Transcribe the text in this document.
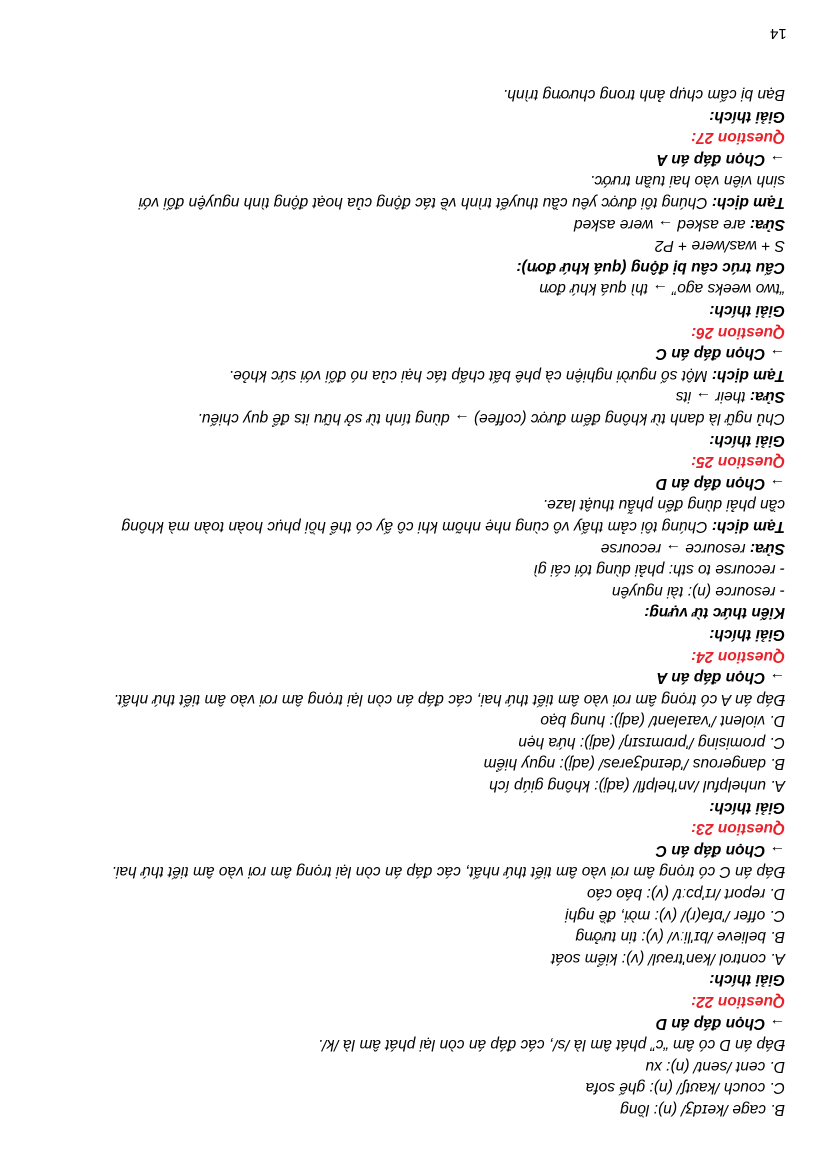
B. cage /keɪdʒ/ (n): lồng
C. couch /kaʊtʃ/ (n): ghế sofa
D. cent /sent/ (n): xu
Đáp án D có âm “c” phát âm là /s/, các đáp án còn lại phát âm là /k/.
→ Chọn đáp án D
Question 22:
Giải thích:
A. control /kən'trəʊl/ (v): kiểm soát
B. believe /bɪ'liːv/ (v): tin tưởng
C. offer /'ɒfə(r)/ (v): mời, đề nghị
D. report /rɪ'pɔːt/ (v): báo cáo
Đáp án C có trọng âm rơi vào âm tiết thứ nhất, các đáp án còn lại trọng âm rơi vào âm tiết thứ hai.
→ Chọn đáp án C
Question 23:
Giải thích:
A. unhelpful /ʌn'helpfl/ (adj): không giúp ích
B. dangerous /'deɪndʒərəs/ (adj): nguy hiểm
C. promising /'prɒmɪsɪŋ/ (adj): hứa hẹn
D. violent /'vaɪələnt/ (adj): hung bạo
Đáp án A có trọng âm rơi vào âm tiết thứ hai, các đáp án còn lại trọng âm rơi vào âm tiết thứ nhất.
→ Chọn đáp án A
Question 24:
Giải thích:
Kiến thức từ vựng:
- resource (n): tài nguyên
- recourse to sth: phải dùng tới cái gì
Sửa: resource → recourse
Tạm dịch: Chúng tôi cảm thấy vô cùng nhẹ nhõm khi cô ấy có thể hồi phục hoàn toàn mà không
cần phải dùng đến phẫu thuật laze.
→ Chọn đáp án D
Question 25:
Giải thích:
Chủ ngữ là danh từ không đếm được (coffee) → dùng tính từ sở hữu its để quy chiếu.
Sửa: their → its
Tạm dịch: Một số người nghiện cà phê bất chấp tác hại của nó đối với sức khỏe.
→ Chọn đáp án C
Question 26:
Giải thích:
“two weeks ago” → thì quá khứ đơn
Cấu trúc câu bị động (quá khứ đơn):
S + was/were + P2
Sửa: are asked → were asked
Tạm dịch: Chúng tôi được yêu cầu thuyết trình về tác động của hoạt động tình nguyện đối với
sinh viên vào hai tuần trước.
→ Chọn đáp án A
Question 27:
Giải thích:
Bạn bị cấm chụp ảnh trong chương trình.
14
